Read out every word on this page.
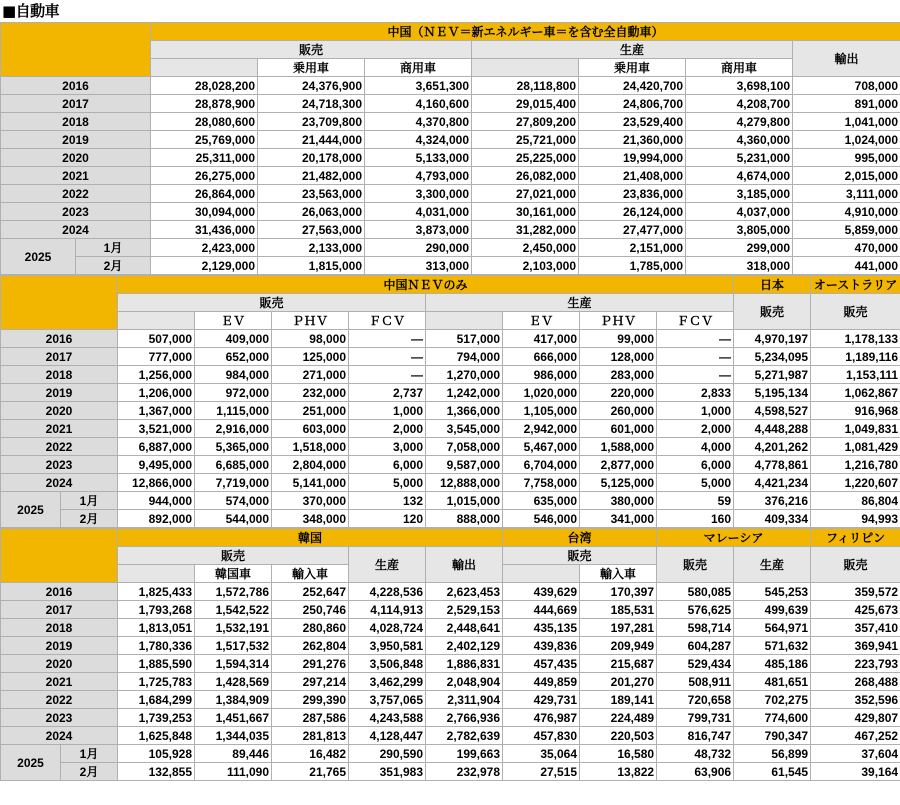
■自動車
		中国（ＮＥＶ＝新エネルギー車＝を含む全自動車）						
		販売			生産			輸出
			乗用車	商用車		乗用車	商用車	
2016		28,028,200	24,376,900	3,651,300	28,118,800	24,420,700	3,698,100	708,000
2017		28,878,900	24,718,300	4,160,600	29,015,400	24,806,700	4,208,700	891,000
2018		28,080,600	23,709,800	4,370,800	27,809,200	23,529,400	4,279,800	1,041,000
2019		25,769,000	21,444,000	4,324,000	25,721,000	21,360,000	4,360,000	1,024,000
2020		25,311,000	20,178,000	5,133,000	25,225,000	19,994,000	5,231,000	995,000
2021		26,275,000	21,482,000	4,793,000	26,082,000	21,408,000	4,674,000	2,015,000
2022		26,864,000	23,563,000	3,300,000	27,021,000	23,836,000	3,185,000	3,111,000
2023		30,094,000	26,063,000	4,031,000	30,161,000	26,124,000	4,037,000	4,910,000
2024		31,436,000	27,563,000	3,873,000	31,282,000	27,477,000	3,805,000	5,859,000
2025	1月	2,423,000	2,133,000	290,000	2,450,000	2,151,000	299,000	470,000
	2月	2,129,000	1,815,000	313,000	2,103,000	1,785,000	318,000	441,000
		中国ＮＥＶのみ								日本	オーストラリア
		販売				生産				販売	販売
			ＥＶ	ＰＨＶ	ＦＣＶ		ＥＶ	ＰＨＶ	ＦＣＶ		
2016		507,000	409,000	98,000	—	517,000	417,000	99,000	—	4,970,197	1,178,133
2017		777,000	652,000	125,000	—	794,000	666,000	128,000	—	5,234,095	1,189,116
2018		1,256,000	984,000	271,000	—	1,270,000	986,000	283,000	—	5,271,987	1,153,111
2019		1,206,000	972,000	232,000	2,737	1,242,000	1,020,000	220,000	2,833	5,195,134	1,062,867
2020		1,367,000	1,115,000	251,000	1,000	1,366,000	1,105,000	260,000	1,000	4,598,527	916,968
2021		3,521,000	2,916,000	603,000	2,000	3,545,000	2,942,000	601,000	2,000	4,448,288	1,049,831
2022		6,887,000	5,365,000	1,518,000	3,000	7,058,000	5,467,000	1,588,000	4,000	4,201,262	1,081,429
2023		9,495,000	6,685,000	2,804,000	6,000	9,587,000	6,704,000	2,877,000	6,000	4,778,861	1,216,780
2024		12,866,000	7,719,000	5,141,000	5,000	12,888,000	7,758,000	5,125,000	5,000	4,421,234	1,220,607
2025	1月	944,000	574,000	370,000	132	1,015,000	635,000	380,000	59	376,216	86,804
	2月	892,000	544,000	348,000	120	888,000	546,000	341,000	160	409,334	94,993
		韓国					台湾		マレーシア		フィリピン
		販売			生産	輸出	販売		販売	生産	販売
			韓国車	輸入車				輸入車			
2016		1,825,433	1,572,786	252,647	4,228,536	2,623,453	439,629	170,397	580,085	545,253	359,572
2017		1,793,268	1,542,522	250,746	4,114,913	2,529,153	444,669	185,531	576,625	499,639	425,673
2018		1,813,051	1,532,191	280,860	4,028,724	2,448,641	435,135	197,281	598,714	564,971	357,410
2019		1,780,336	1,517,532	262,804	3,950,581	2,402,129	439,836	209,949	604,287	571,632	369,941
2020		1,885,590	1,594,314	291,276	3,506,848	1,886,831	457,435	215,687	529,434	485,186	223,793
2021		1,725,783	1,428,569	297,214	3,462,299	2,048,904	449,859	201,270	508,911	481,651	268,488
2022		1,684,299	1,384,909	299,390	3,757,065	2,311,904	429,731	189,141	720,658	702,275	352,596
2023		1,739,253	1,451,667	287,586	4,243,588	2,766,936	476,987	224,489	799,731	774,600	429,807
2024		1,625,848	1,344,035	281,813	4,128,447	2,782,639	457,830	220,503	816,747	790,347	467,252
2025	1月	105,928	89,446	16,482	290,590	199,663	35,064	16,580	48,732	56,899	37,604
	2月	132,855	111,090	21,765	351,983	232,978	27,515	13,822	63,906	61,545	39,164
